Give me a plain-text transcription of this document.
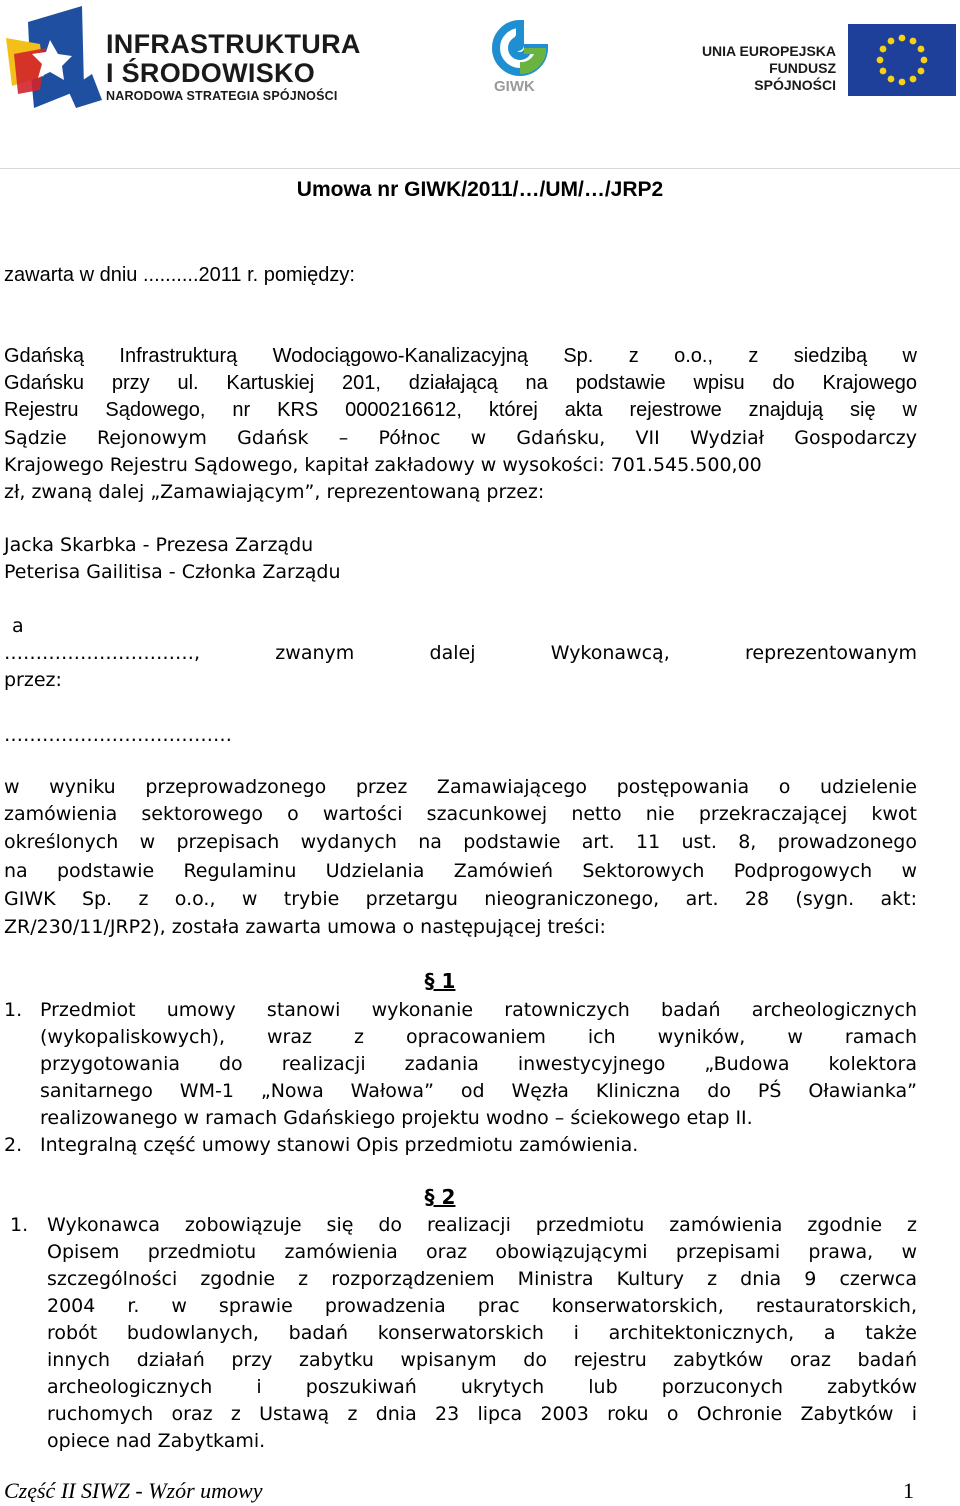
INFRASTRUKTURA
I ŚRODOWISKO
NARODOWA STRATEGIA SPÓJNOŚCI
GIWK
UNIA EUROPEJSKA
FUNDUSZ SPÓJNOŚCI
Umowa nr GIWK/2011/…/UM/…/JRP2
zawarta w dniu ..........2011 r. pomiędzy:
Gdańską Infrastrukturą Wodociągowo-Kanalizacyjną Sp. z o.o., z siedzibą w
Gdańsku przy ul. Kartuskiej 201, działającą na podstawie wpisu do Krajowego
Rejestru Sądowego, nr KRS 0000216612, której akta rejestrowe znajdują się w
Sądzie Rejonowym Gdańsk – Północ w Gdańsku, VII Wydział Gospodarczy
Krajowego Rejestru Sądowego, kapitał zakładowy w wysokości: 701.545.500,00
zł, zwaną dalej „Zamawiającym”, reprezentowaną przez:
Jacka Skarbka - Prezesa Zarządu
Peterisa Gailitisa - Członka Zarządu
a
…………………………, zwanym dalej Wykonawcą, reprezentowanym
przez:
………………………………
w wyniku przeprowadzonego przez Zamawiającego postępowania o udzielenie
zamówienia sektorowego o wartości szacunkowej netto nie przekraczającej kwot
określonych w przepisach wydanych na podstawie art. 11 ust. 8, prowadzonego
na podstawie Regulaminu Udzielania Zamówień Sektorowych Podprogowych w
GIWK Sp. z o.o., w trybie przetargu nieograniczonego, art. 28 (sygn. akt:
ZR/230/11/JRP2), została zawarta umowa o następującej treści:
§ 1
1. Przedmiot umowy stanowi wykonanie ratowniczych badań archeologicznych
(wykopaliskowych), wraz z opracowaniem ich wyników, w ramach
przygotowania do realizacji zadania inwestycyjnego „Budowa kolektora
sanitarnego WM-1 „Nowa Wałowa” od Węzła Kliniczna do PŚ Oławianka”
realizowanego w ramach Gdańskiego projektu wodno – ściekowego etap II.
2. Integralną część umowy stanowi Opis przedmiotu zamówienia.
§ 2
1. Wykonawca zobowiązuje się do realizacji przedmiotu zamówienia zgodnie z
Opisem przedmiotu zamówienia oraz obowiązującymi przepisami prawa, w
szczególności zgodnie z rozporządzeniem Ministra Kultury z dnia 9 czerwca
2004 r. w sprawie prowadzenia prac konserwatorskich, restauratorskich,
robót budowlanych, badań konserwatorskich i architektonicznych, a także
innych działań przy zabytku wpisanym do rejestru zabytków oraz badań
archeologicznych i poszukiwań ukrytych lub porzuconych zabytków
ruchomych oraz z Ustawą z dnia 23 lipca 2003 roku o Ochronie Zabytków i
opiece nad Zabytkami.
Część II SIWZ - Wzór umowy	1
